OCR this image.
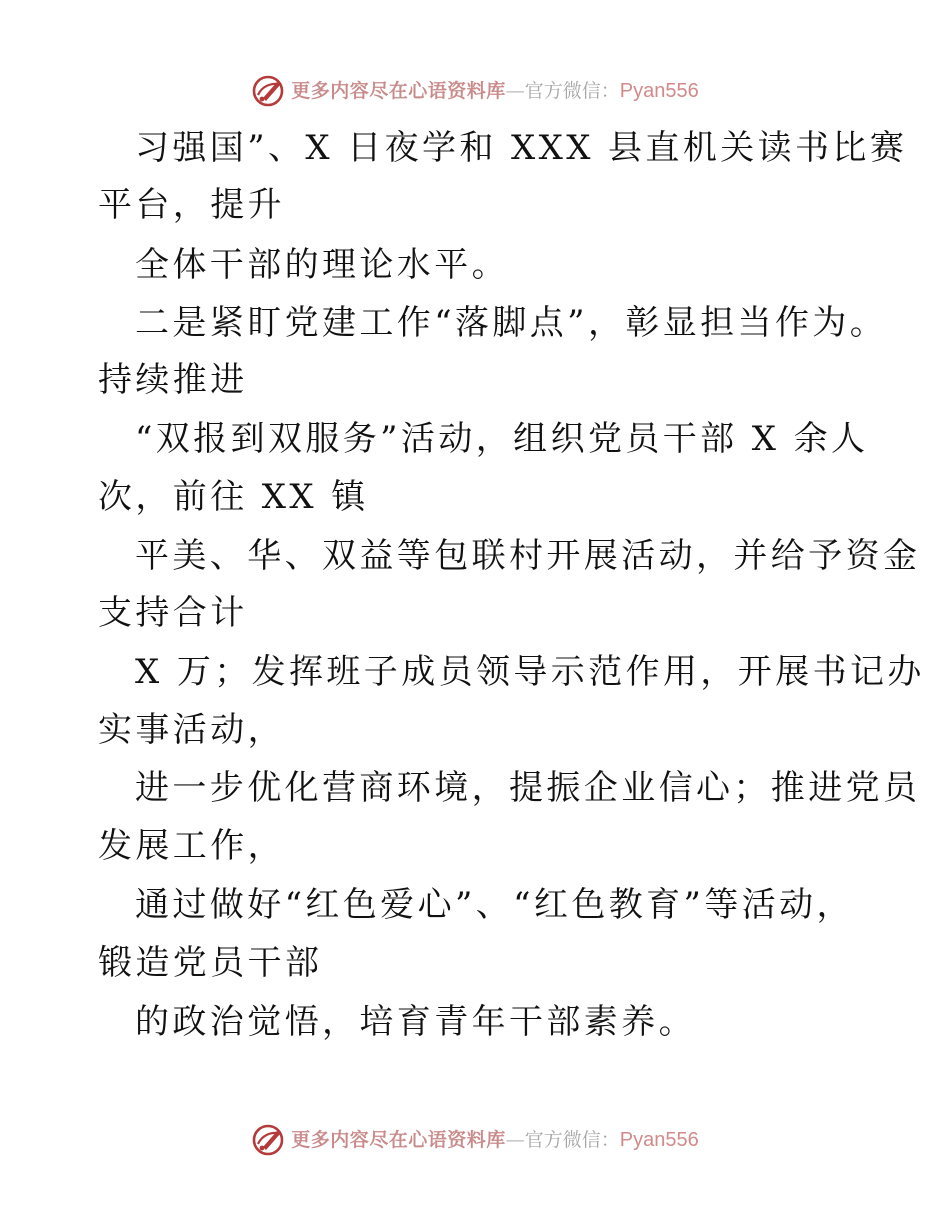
更多内容尽在心语资料库 — 官方微信： Pyan556
习强国”、X 日夜学和 XXX 县直机关读书比赛
平台，提升
全体干部的理论水平。
二是紧盯党建工作“落脚点”，彰显担当作为。
持续推进
“双报到双服务”活动，组织党员干部 X 余人
次，前往 XX 镇
平美、华、双益等包联村开展活动，并给予资金
支持合计
X 万；发挥班子成员领导示范作用，开展书记办
实事活动，
进一步优化营商环境，提振企业信心；推进党员
发展工作，
通过做好“红色爱心”、“红色教育”等活动，
锻造党员干部
的政治觉悟，培育青年干部素养。
更多内容尽在心语资料库 — 官方微信： Pyan556
